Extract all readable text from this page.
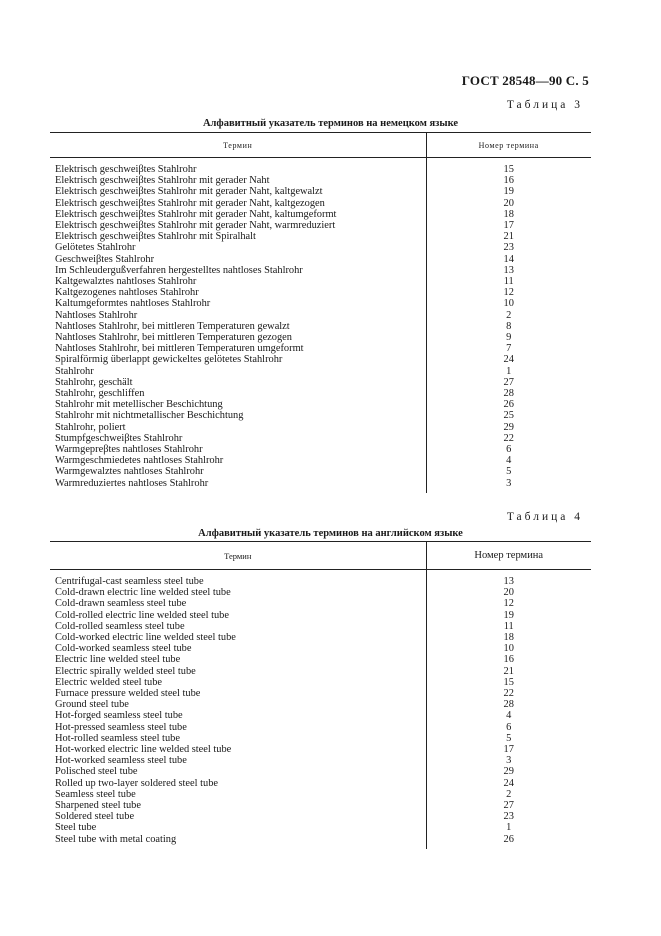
ГОСТ 28548—90 С. 5
Таблица 3
Алфавитный указатель терминов на немецком языке
Термин	Номер термина

Elektrisch geschweiβtes Stahlrohr	15
Elektrisch geschweiβtes Stahlrohr mit gerader Naht	16
Elektrisch geschweiβtes Stahlrohr mit gerader Naht, kaltgewalzt	19
Elektrisch geschweiβtes Stahlrohr mit gerader Naht, kaltgezogen	20
Elektrisch geschweiβtes Stahlrohr mit gerader Naht, kaltumgeformt	18
Elektrisch geschweiβtes Stahlrohr mit gerader Naht, warmreduziert	17
Elektrisch geschweiβtes Stahlrohr mit Spiralhalt	21
Gelötetes Stahlrohr	23
Geschweiβtes Stahlrohr	14
Im Schleudergußverfahren hergestelltes nahtloses Stahlrohr	13
Kaltgewalztes nahtloses Stahlrohr	11
Kaltgezogenes nahtloses Stahlrohr	12
Kaltumgeformtes nahtloses Stahlrohr	10
Nahtloses Stahlrohr	2
Nahtloses Stahlrohr, bei mittleren Temperaturen gewalzt	8
Nahtloses Stahlrohr, bei mittleren Temperaturen gezogen	9
Nahtloses Stahlrohr, bei mittleren Temperaturen umgeformt	7
Spiralförmig überlappt gewickeltes gelötetes Stahlrohr	24
Stahlrohr	1
Stahlrohr, geschält	27
Stahlrohr, geschliffen	28
Stahlrohr mit metellischer Beschichtung	26
Stahlrohr mit nichtmetallischer Beschichtung	25
Stahlrohr, poliert	29
Stumpfgeschweiβtes Stahlrohr	22
Warmgepreβtes nahtloses Stahlrohr	6
Warmgeschmiedetes nahtloses Stahlrohr	4
Warmgewalztes nahtloses Stahlrohr	5
Warmreduziertes nahtloses Stahlrohr	3

Таблица 4
Алфавитный указатель терминов на английском языке
Термин	Номер термина

Centrifugal-cast seamless steel tube	13
Cold-drawn electric line welded steel tube	20
Cold-drawn seamless steel tube	12
Cold-rolled electric line welded steel tube	19
Cold-rolled seamless steel tube	11
Cold-worked electric line welded steel tube	18
Cold-worked seamless steel tube	10
Electric line welded steel tube	16
Electric spirally welded steel tube	21
Electric welded steel tube	15
Furnace pressure welded steel tube	22
Ground steel tube	28
Hot-forged seamless steel tube	4
Hot-pressed seamless steel tube	6
Hot-rolled seamless steel tube	5
Hot-worked electric line welded steel tube	17
Hot-worked seamless steel tube	3
Polisched steel tube	29
Rolled up two-layer soldered steel tube	24
Seamless steel tube	2
Sharpened steel tube	27
Soldered steel tube	23
Steel tube	1
Steel tube with metal coating	26
